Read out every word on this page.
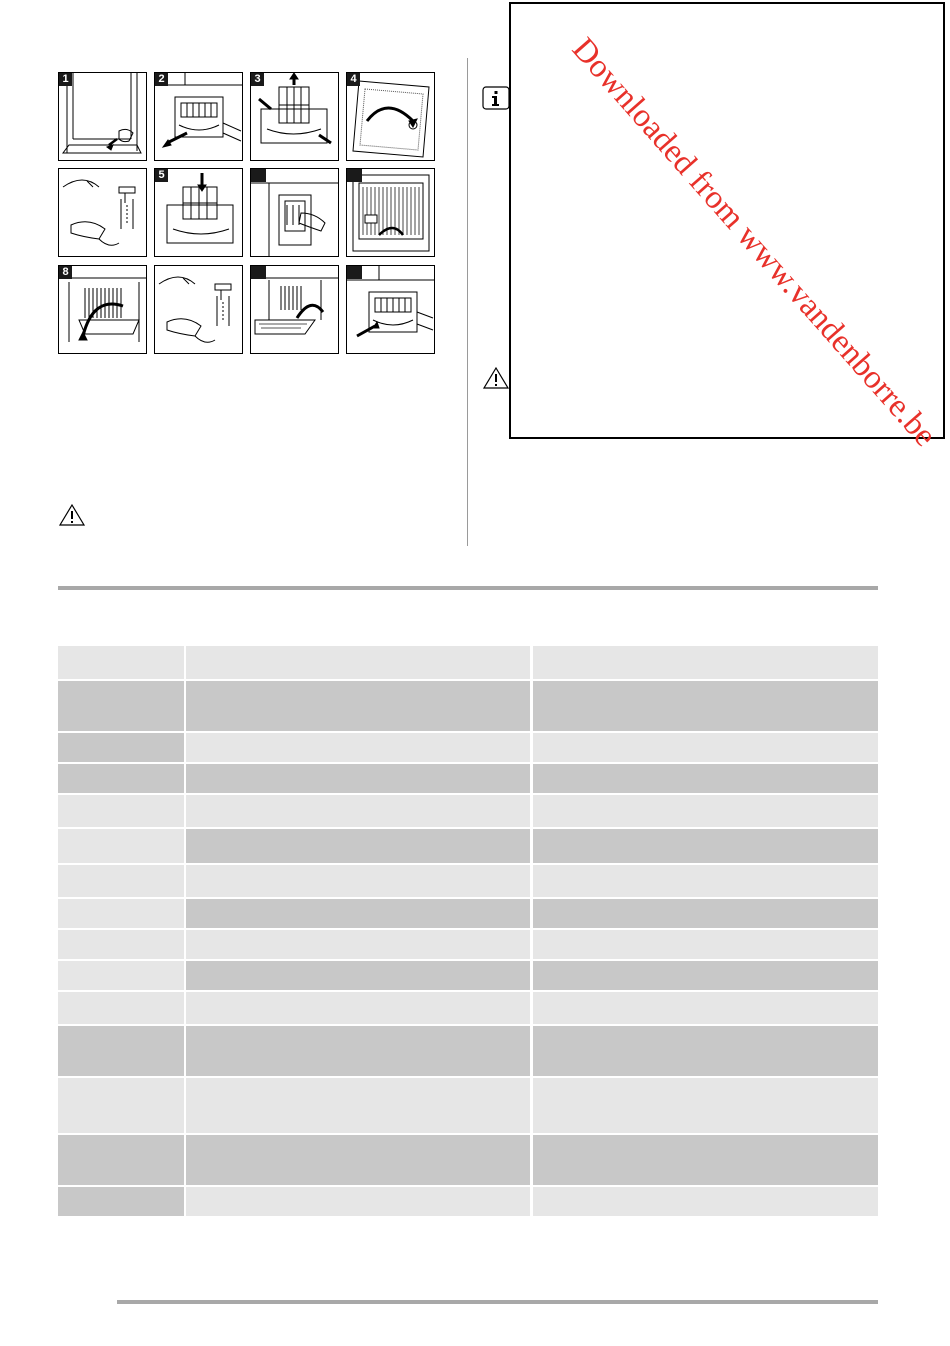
1	2	3	4
5
8	Downloaded from www.vandenborre.be
